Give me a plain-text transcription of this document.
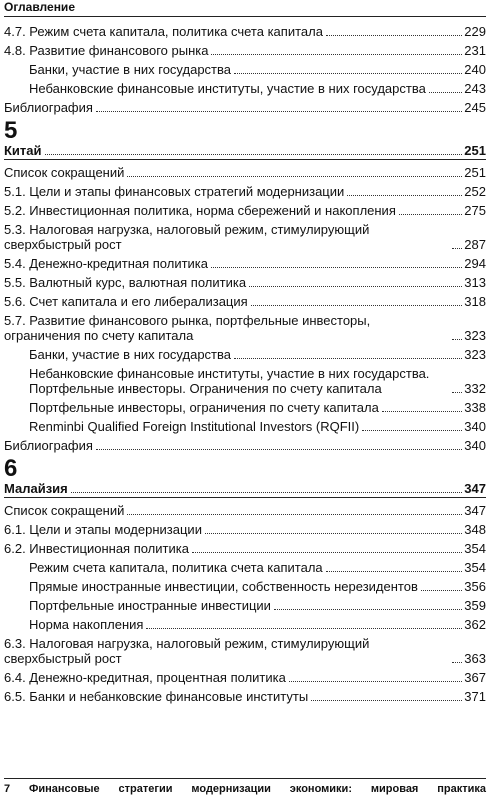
Оглавление
4.7. Режим счета капитала, политика счета капитала	229
4.8. Развитие финансового рынка	231
Банки, участие в них государства	240
Небанковские финансовые институты, участие в них государства	243
Библиография	245
5
Китай	251
Список сокращений	251
5.1. Цели и этапы финансовых стратегий модернизации	252
5.2. Инвестиционная политика, норма сбережений и накопления	275
5.3. Налоговая нагрузка, налоговый режим, стимулирующий сверхбыстрый рост	287
5.4. Денежно-кредитная политика	294
5.5. Валютный курс, валютная политика	313
5.6. Счет капитала и его либерализация	318
5.7. Развитие финансового рынка, портфельные инвесторы, ограничения по счету капитала	323
Банки, участие в них государства	323
Небанковские финансовые институты, участие в них государства. Портфельные инвесторы. Ограничения по счету капитала	332
Портфельные инвесторы, ограничения по счету капитала	338
Renminbi Qualified Foreign Institutional Investors (RQFII)	340
Библиография	340
6
Малайзия	347
Список сокращений	347
6.1. Цели и этапы модернизации	348
6.2. Инвестиционная политика	354
Режим счета капитала, политика счета капитала	354
Прямые иностранные инвестиции, собственность нерезидентов	356
Портфельные иностранные инвестиции	359
Норма накопления	362
6.3. Налоговая нагрузка, налоговый режим, стимулирующий сверхбыстрый рост	363
6.4. Денежно-кредитная, процентная политика	367
6.5. Банки и небанковские финансовые институты	371
7 Финансовые стратегии модернизации экономики: мировая практика
